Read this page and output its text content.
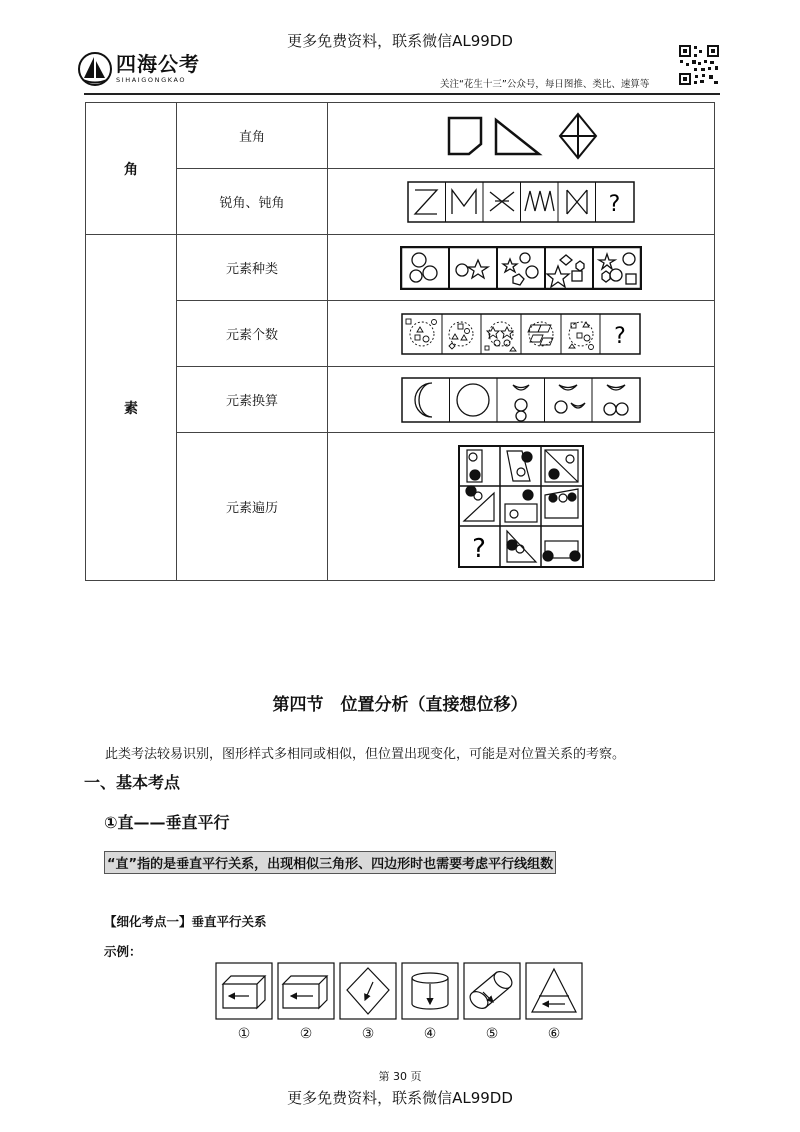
更多免费资料，联系微信AL99DD
四海公考
SIHAIGONGKAO	关注“花生十三”公众号，每日图推、类比、速算等
角	直角	

	锐角、钝角	?

素	元素种类	

	元素个数	?

	元素换算	

	元素遍历	?
第四节　位置分析（直接想位移）
此类考法较易识别，图形样式多相同或相似，但位置出现变化，可能是对位置关系的考察。
一、基本考点
①直——垂直平行
“直”指的是垂直平行关系，出现相似三角形、四边形时也需要考虑平行线组数
【细化考点一】垂直平行关系
示例：
①	②	③	④	⑤	⑥
第 30 页
更多免费资料，联系微信AL99DD
